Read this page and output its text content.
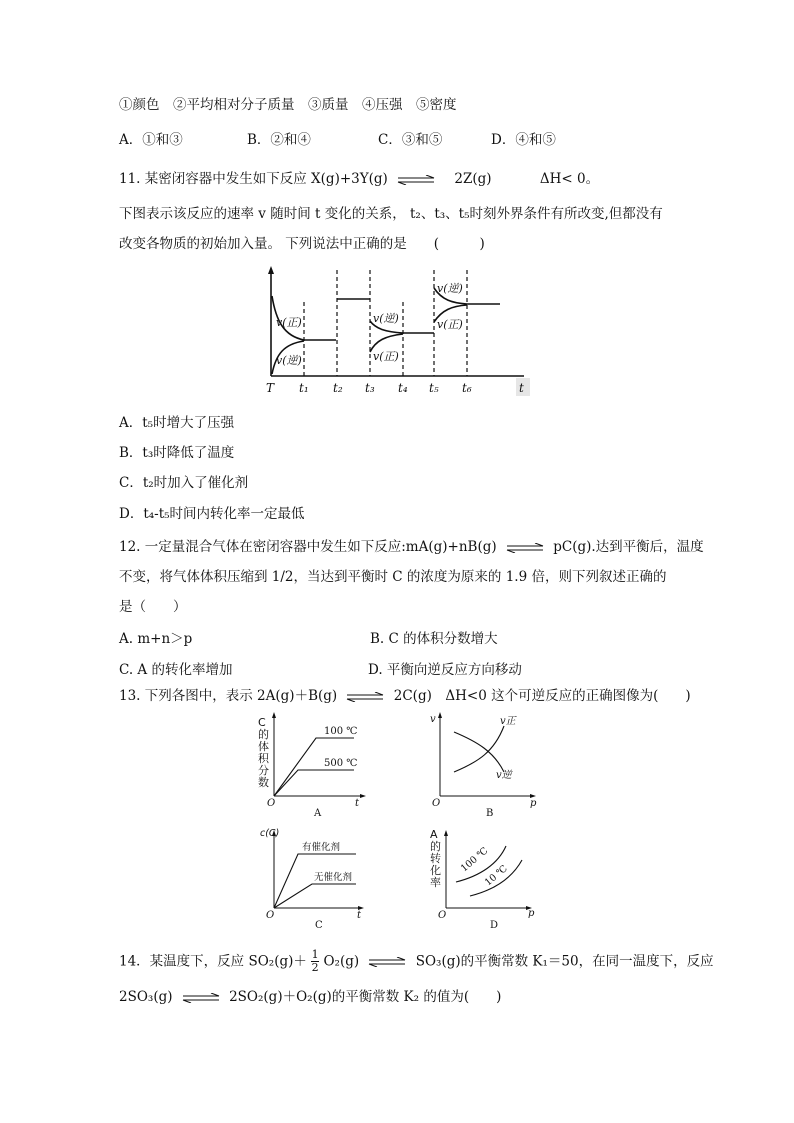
①颜色　②平均相对分子质量　③质量　④压强　⑤密度
A．①和③	B．②和④	C．③和⑤	D．④和⑤
11. 某密闭容器中发生如下反应 X(g)+3Y(g) ⇌ 2Z(g)	ΔH< 0。
下图表示该反应的速率 v 随时间 t 变化的关系， t₂、t₃、t₅时刻外界条件有所改变,但都没有
改变各物质的初始加入量。 下列说法中正确的是　　(　　　)
v(正)
v(逆)
v(逆)
v(正)
v(逆)
v(正)
T t₁ t₂ t₃ t₄ t₅ t₆	t
A．t₅时增大了压强
B．t₃时降低了温度
C．t₂时加入了催化剂
D．t₄-t₅时间内转化率一定最低
12. 一定量混合气体在密闭容器中发生如下反应:mA(g)+nB(g) ⇌ pC(g).达到平衡后，温度
不变，将气体体积压缩到 1/2，当达到平衡时 C 的浓度为原来的 1.9 倍，则下列叙述正确的
是（　　）
A. m+n＞p	B. C 的体积分数增大
C. A 的转化率增加	D. 平衡向逆反应方向移动
13. 下列各图中，表示 2A(g)＋B(g) ⇌ 2C(g)　ΔH<0 这个可逆反应的正确图像为(　　)
C
的
体
积
分
数
100 ℃
500 ℃
O	t
A
v	v正
v逆
O	p
B
c(C)
有催化剂
无催化剂
O	t
C
A
的
转
化
率
100 ℃
10 ℃
O	p
D
14．某温度下，反应 $SO_2(g)+ \frac{1}{2} O_2(g)$ ⇌ SO₃(g)的平衡常数 K₁＝50，在同一温度下，反应
2SO₃(g) ⇌ 2SO₂(g)＋O₂(g)的平衡常数 K₂ 的值为(　　)
